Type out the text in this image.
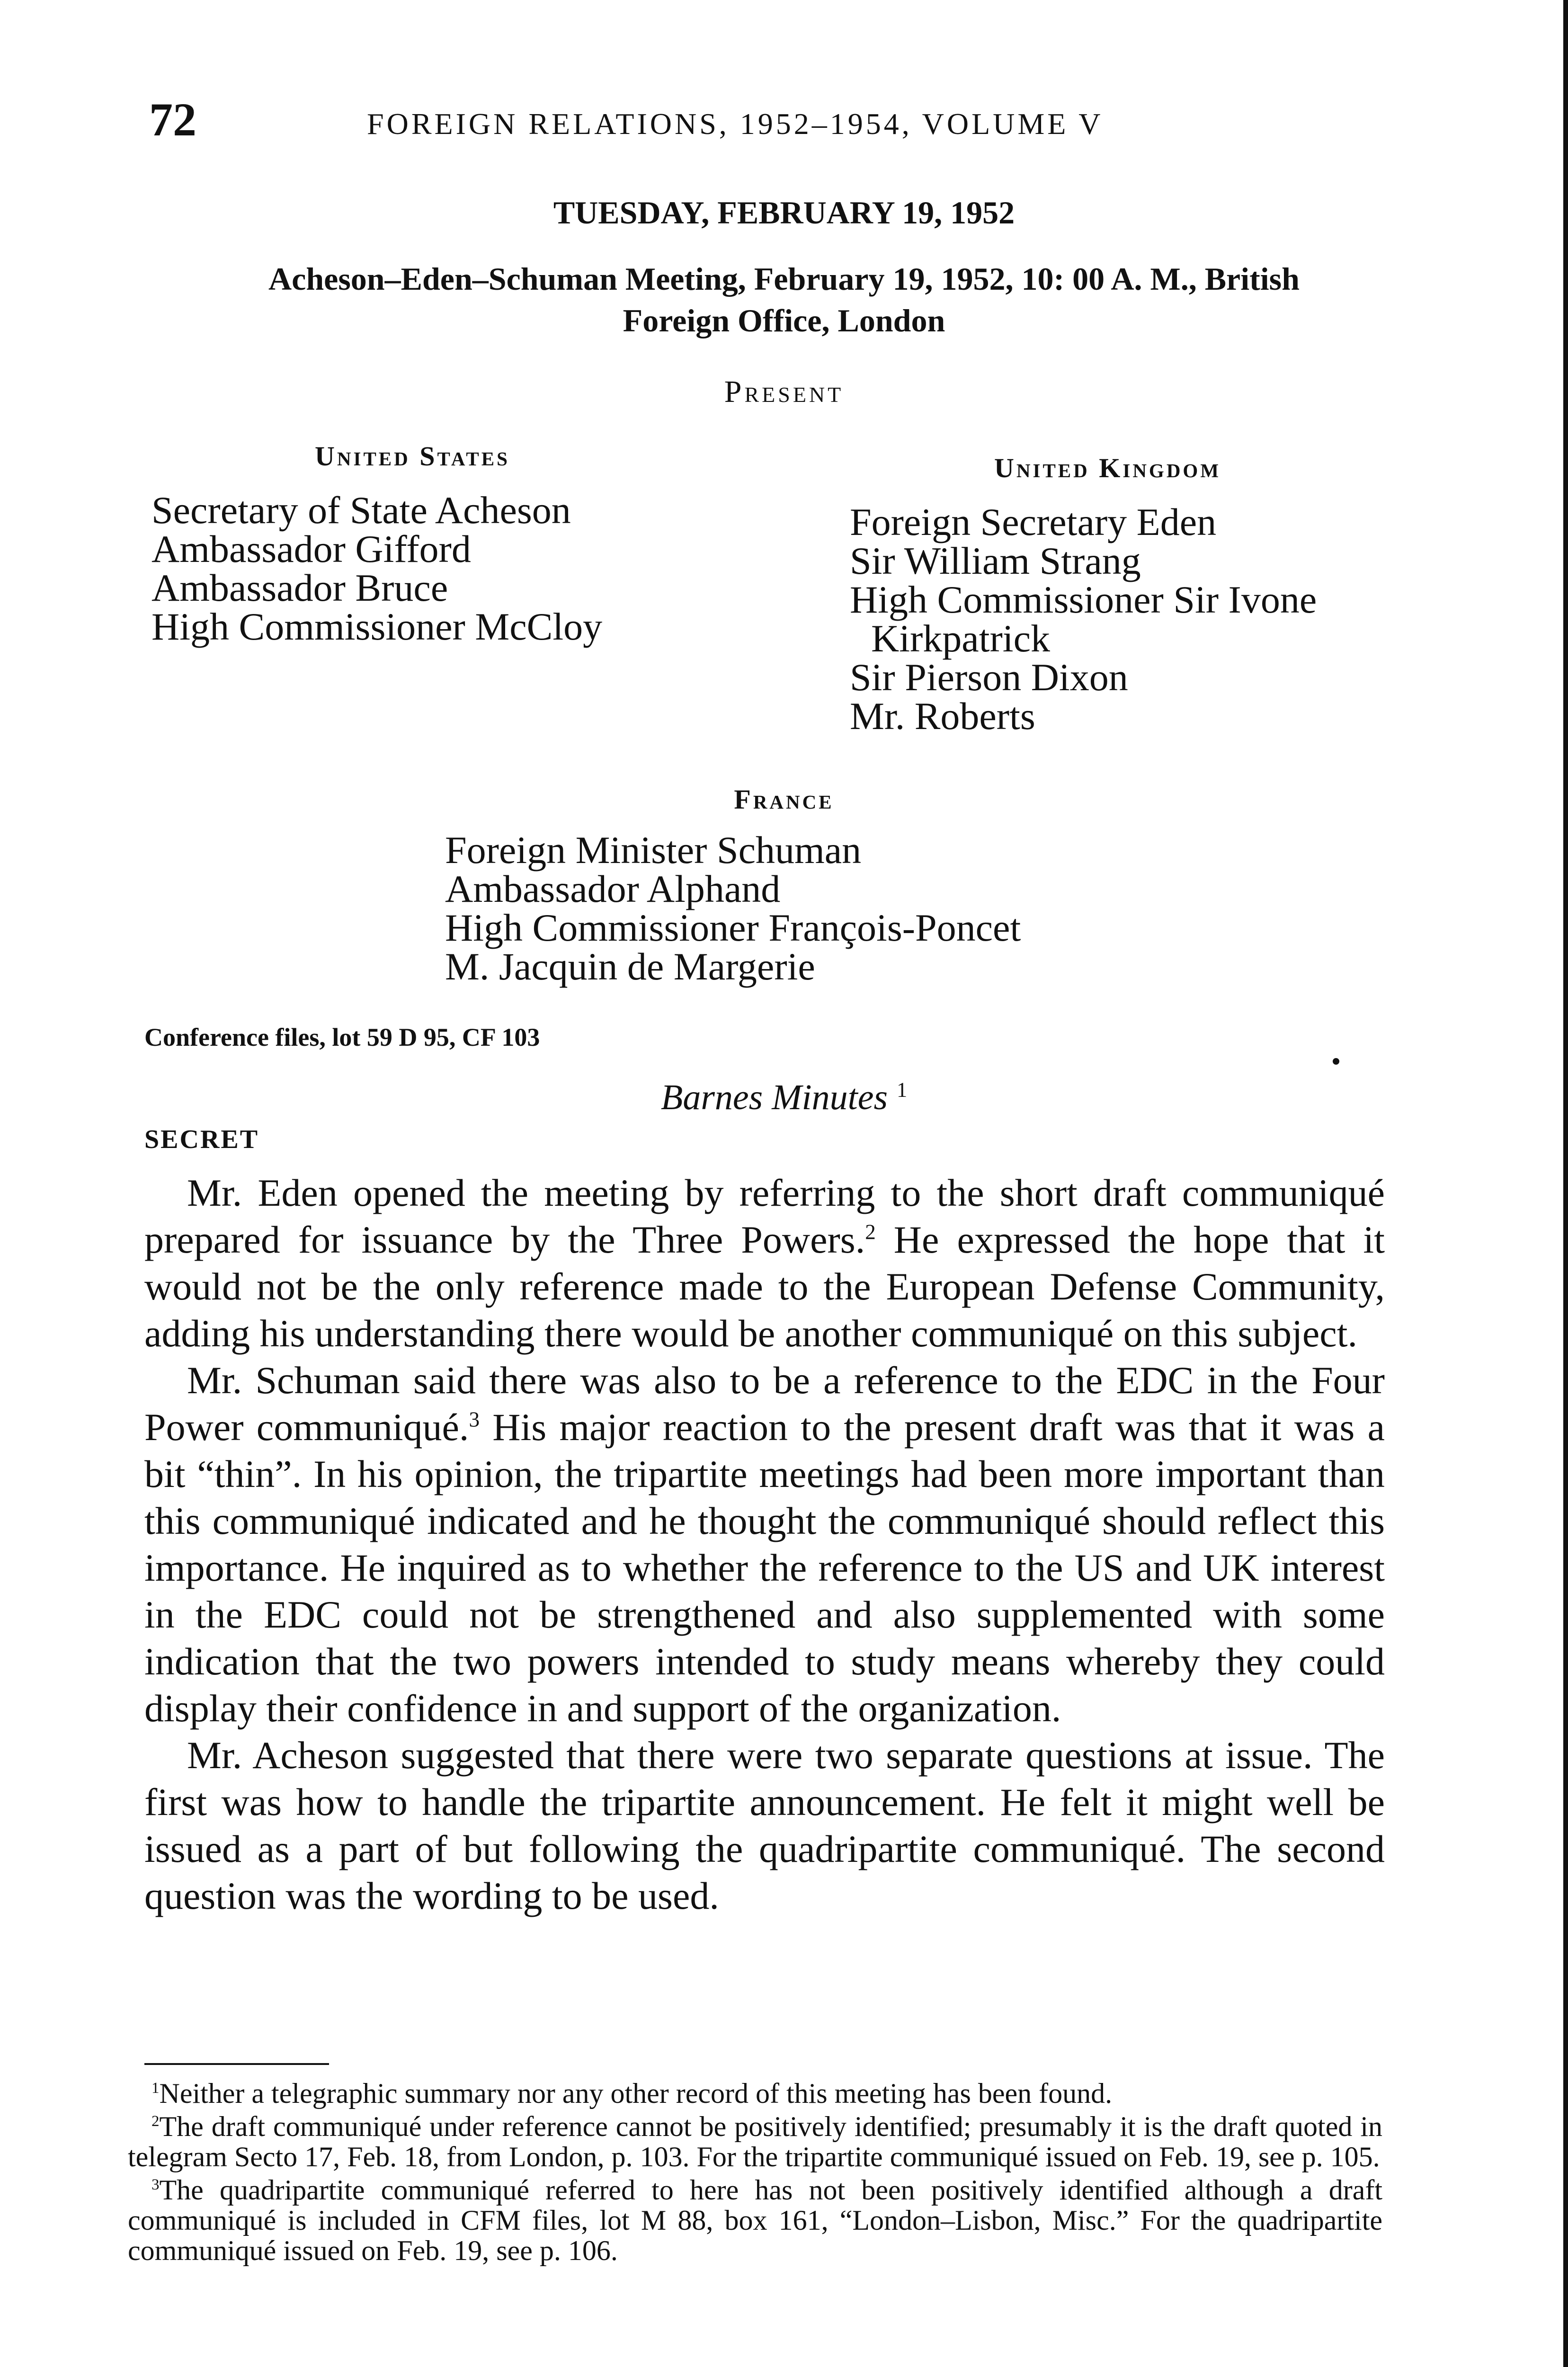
72	FOREIGN RELATIONS, 1952–1954, VOLUME V
TUESDAY, FEBRUARY 19, 1952
Acheson–Eden–Schuman Meeting, February 19, 1952, 10: 00 A. M., British
Foreign Office, London
Present
United States
Secretary of State Acheson
Ambassador Gifford
Ambassador Bruce
High Commissioner McCloy
United Kingdom
Foreign Secretary Eden
Sir William Strang
High Commissioner Sir Ivone
Kirkpatrick
Sir Pierson Dixon
Mr. Roberts
France
Foreign Minister Schuman
Ambassador Alphand
High Commissioner François-Poncet
M. Jacquin de Margerie
Conference files, lot 59 D 95, CF 103
Barnes Minutes $^1$
SECRET

Mr. Eden opened the meeting by referring to the short draft communiqué prepared for issuance by the Three Powers.$^2$ He expressed the hope that it would not be the only reference made to the European Defense Community, adding his understanding there would be another communiqué on this subject.

Mr. Schuman said there was also to be a reference to the EDC in the Four Power communiqué.$^3$ His major reaction to the present draft was that it was a bit “thin”. In his opinion, the tripartite meetings had been more important than this communiqué indicated and he thought the communiqué should reflect this importance. He inquired as to whether the reference to the US and UK interest in the EDC could not be strengthened and also supplemented with some indication that the two powers intended to study means whereby they could display their confidence in and support of the organization.

Mr. Acheson suggested that there were two separate questions at issue. The first was how to handle the tripartite announcement. He felt it might well be issued as a part of but following the quadripartite communiqué. The second question was the wording to be used.

$^1$Neither a telegraphic summary nor any other record of this meeting has been found.

$^2$The draft communiqué under reference cannot be positively identified; presumably it is the draft quoted in telegram Secto 17, Feb. 18, from London, p. 103. For the tripartite communiqué issued on Feb. 19, see p. 105.

$^3$The quadripartite communiqué referred to here has not been positively identified although a draft communiqué is included in CFM files, lot M 88, box 161, “London–Lisbon, Misc.” For the quadripartite communiqué issued on Feb. 19, see p. 106.
